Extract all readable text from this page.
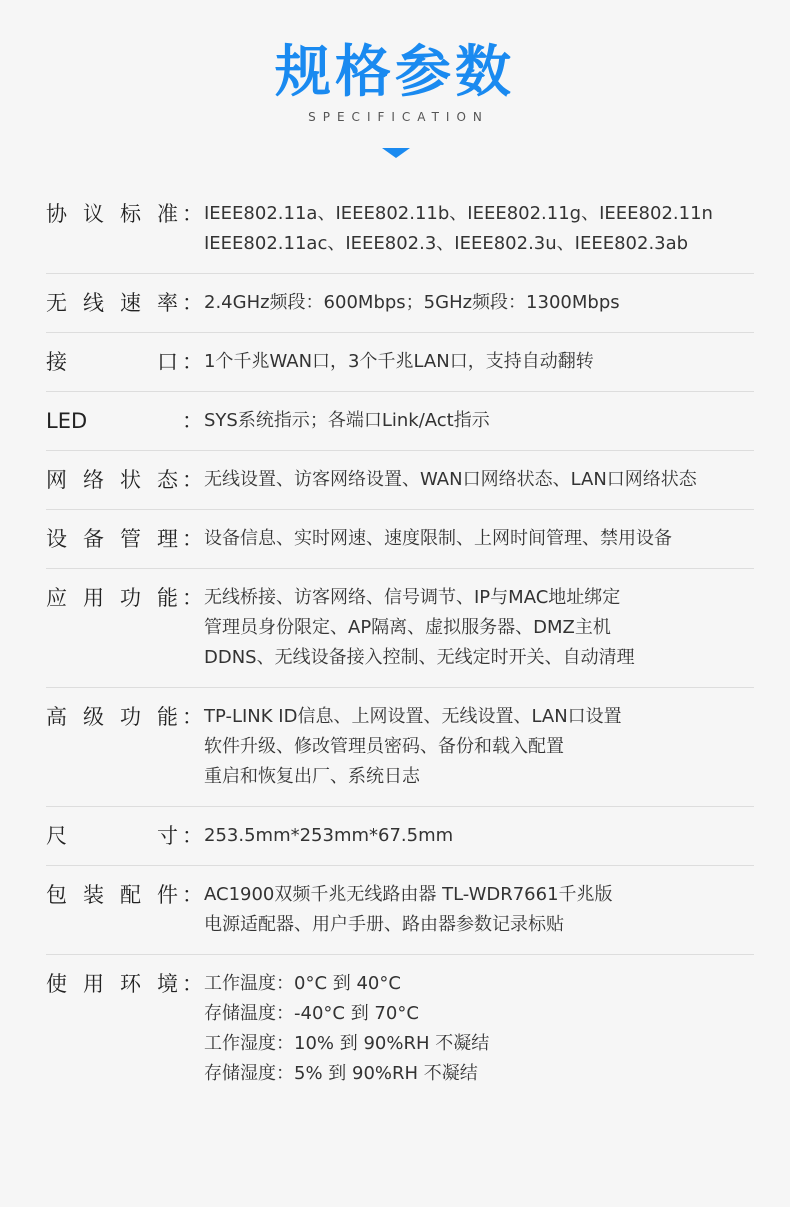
规格参数
SPECIFICATION
协议标准 ： IEEE802.11a、IEEE802.11b、IEEE802.11g、IEEE802.11n
IEEE802.11ac、IEEE802.3、IEEE802.3u、IEEE802.3ab
无线速率 ： 2.4GHz频段：600Mbps；5GHz频段：1300Mbps
接口 ： 1个千兆WAN口，3个千兆LAN口，支持自动翻转
LED	： SYS系统指示；各端口Link/Act指示
网络状态 ： 无线设置、访客网络设置、WAN口网络状态、LAN口网络状态
设备管理 ： 设备信息、实时网速、速度限制、上网时间管理、禁用设备
应用功能 ： 无线桥接、访客网络、信号调节、IP与MAC地址绑定
管理员身份限定、AP隔离、虚拟服务器、DMZ主机
DDNS、无线设备接入控制、无线定时开关、自动清理
高级功能 ： TP-LINK ID信息、上网设置、无线设置、LAN口设置
软件升级、修改管理员密码、备份和载入配置
重启和恢复出厂、系统日志
尺寸 ： 253.5mm*253mm*67.5mm
包装配件 ： AC1900双频千兆无线路由器 TL-WDR7661千兆版
电源适配器、用户手册、路由器参数记录标贴
使用环境 ： 工作温度：0°C 到 40°C
存储温度：-40°C 到 70°C
工作湿度：10% 到 90%RH 不凝结
存储湿度：5% 到 90%RH 不凝结
